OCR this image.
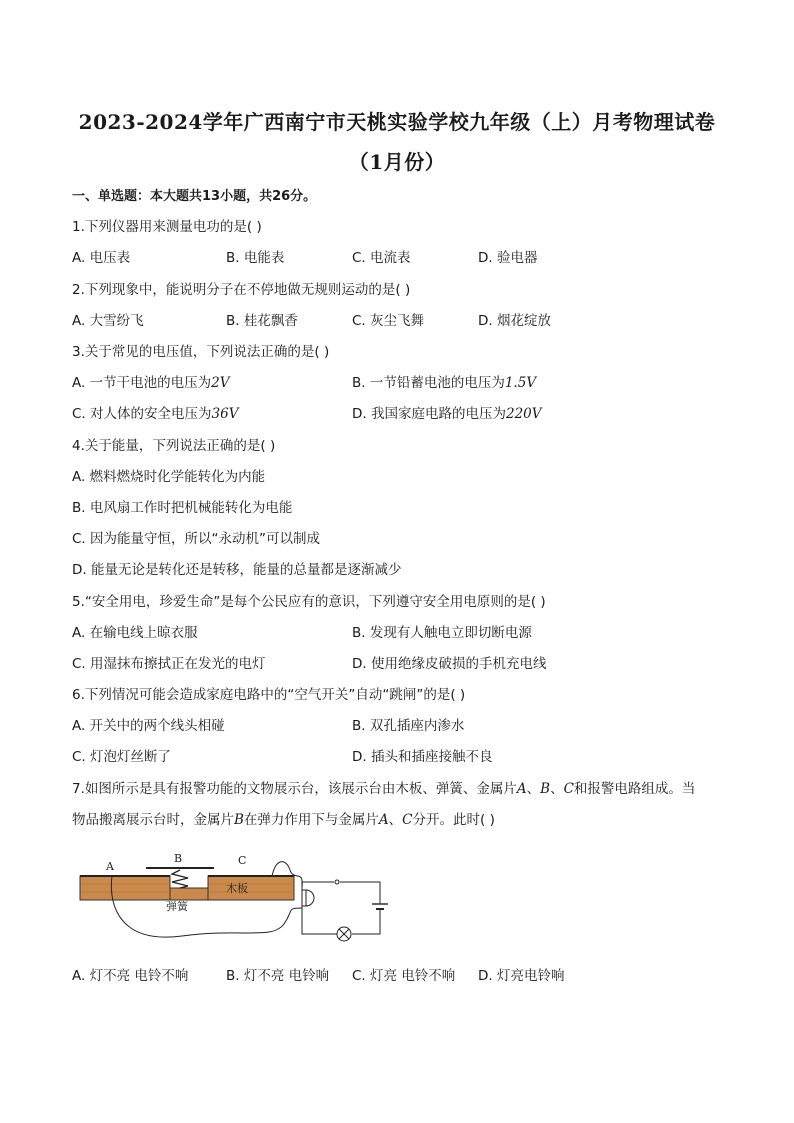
2023-2024学年广西南宁市天桃实验学校九年级（上）月考物理试卷
（1月份）
一、单选题：本大题共13小题，共26分。
1.下列仪器用来测量电功的是( )
A. 电压表	B. 电能表	C. 电流表	D. 验电器
2.下列现象中，能说明分子在不停地做无规则运动的是( )
A. 大雪纷飞	B. 桂花飘香	C. 灰尘飞舞	D. 烟花绽放
3.关于常见的电压值，下列说法正确的是( )
A. 一节干电池的电压为2V	B. 一节铅蓄电池的电压为1.5V
C. 对人体的安全电压为36V	D. 我国家庭电路的电压为220V
4.关于能量，下列说法正确的是( )
A. 燃料燃烧时化学能转化为内能
B. 电风扇工作时把机械能转化为电能
C. 因为能量守恒，所以“永动机”可以制成
D. 能量无论是转化还是转移，能量的总量都是逐渐减少
5.“安全用电，珍爱生命”是每个公民应有的意识，下列遵守安全用电原则的是( )
A. 在输电线上晾衣服	B. 发现有人触电立即切断电源
C. 用湿抹布擦拭正在发光的电灯	D. 使用绝缘皮破损的手机充电线
6.下列情况可能会造成家庭电路中的“空气开关”自动“跳闸”的是( )
A. 开关中的两个线头相碰	B. 双孔插座内渗水
C. 灯泡灯丝断了	D. 插头和插座接触不良
7.如图所示是具有报警功能的文物展示台，该展示台由木板、弹簧、金属片A、B、C和报警电路组成。当
物品搬离展示台时，金属片B在弹力作用下与金属片A、C分开。此时( )
A
B	C
木板
弹簧
A. 灯不亮 电铃不响	B. 灯不亮 电铃响 C. 灯亮 电铃不响 D. 灯亮电铃响
